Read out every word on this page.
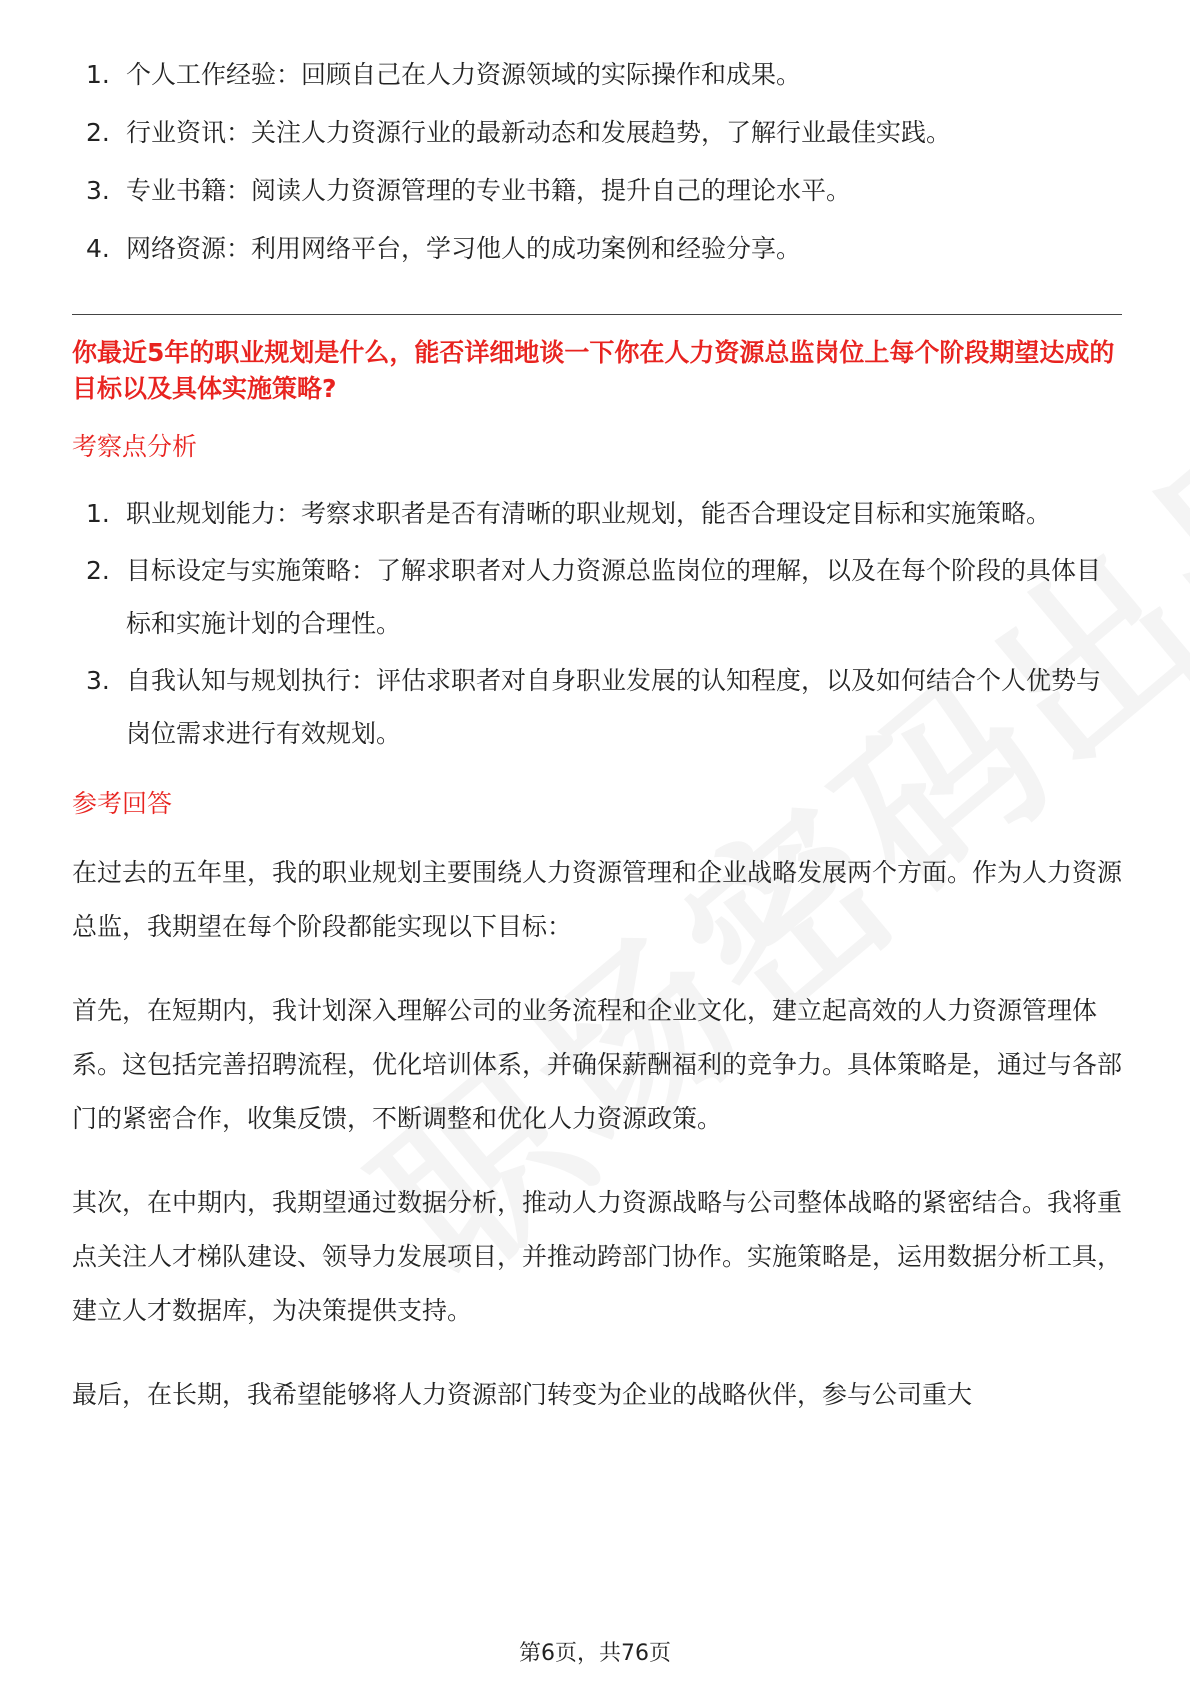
1. 个人工作经验：回顾自己在人力资源领域的实际操作和成果。
2. 行业资讯：关注人力资源行业的最新动态和发展趋势，了解行业最佳实践。
3. 专业书籍：阅读人力资源管理的专业书籍，提升自己的理论水平。
4. 网络资源：利用网络平台，学习他人的成功案例和经验分享。

你最近5年的职业规划是什么，能否详细地谈一下你在人力资源总监岗位上每个阶段期望达成的目标以及具体实施策略?

考察点分析

1. 职业规划能力：考察求职者是否有清晰的职业规划，能否合理设定目标和实施策略。
2. 目标设定与实施策略：了解求职者对人力资源总监岗位的理解，以及在每个阶段的具体目标和实施计划的合理性。
3. 自我认知与规划执行：评估求职者对自身职业发展的认知程度，以及如何结合个人优势与岗位需求进行有效规划。

参考回答

在过去的五年里，我的职业规划主要围绕人力资源管理和企业战略发展两个方面。作为人力资源总监，我期望在每个阶段都能实现以下目标：

首先，在短期内，我计划深入理解公司的业务流程和企业文化，建立起高效的人力资源管理体系。这包括完善招聘流程，优化培训体系，并确保薪酬福利的竞争力。具体策略是，通过与各部门的紧密合作，收集反馈，不断调整和优化人力资源政策。

其次，在中期内，我期望通过数据分析，推动人力资源战略与公司整体战略的紧密结合。我将重点关注人才梯队建设、领导力发展项目，并推动跨部门协作。实施策略是，运用数据分析工具，建立人才数据库，为决策提供支持。

最后，在长期，我希望能够将人力资源部门转变为企业的战略伙伴，参与公司重大

第6页，共76页
